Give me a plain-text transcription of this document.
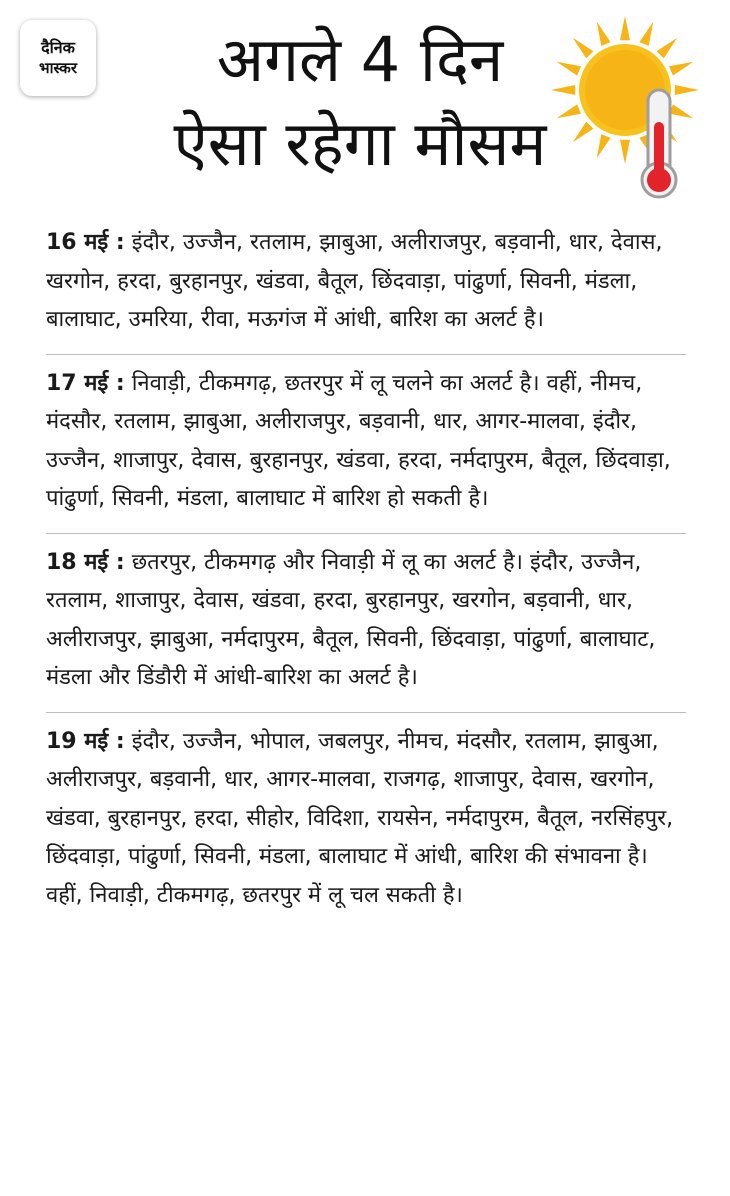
दैनिक
भास्कर	अगले 4 दिन
ऐसा रहेगा मौसम

16 मई : इंदौर, उज्जैन, रतलाम, झाबुआ, अलीराजपुर, बड़वानी, धार, देवास, खरगोन, हरदा, बुरहानपुर, खंडवा, बैतूल, छिंदवाड़ा, पांढुर्णा, सिवनी, मंडला, बालाघाट, उमरिया, रीवा, मऊगंज में आंधी, बारिश का अलर्ट है।

17 मई : निवाड़ी, टीकमगढ़, छतरपुर में लू चलने का अलर्ट है। वहीं, नीमच, मंदसौर, रतलाम, झाबुआ, अलीराजपुर, बड़वानी, धार, आगर-मालवा, इंदौर, उज्जैन, शाजापुर, देवास, बुरहानपुर, खंडवा, हरदा, नर्मदापुरम, बैतूल, छिंदवाड़ा, पांढुर्णा, सिवनी, मंडला, बालाघाट में बारिश हो सकती है।

18 मई : छतरपुर, टीकमगढ़ और निवाड़ी में लू का अलर्ट है। इंदौर, उज्जैन, रतलाम, शाजापुर, देवास, खंडवा, हरदा, बुरहानपुर, खरगोन, बड़वानी, धार, अलीराजपुर, झाबुआ, नर्मदापुरम, बैतूल, सिवनी, छिंदवाड़ा, पांढुर्णा, बालाघाट, मंडला और डिंडौरी में आंधी-बारिश का अलर्ट है।

19 मई : इंदौर, उज्जैन, भोपाल, जबलपुर, नीमच, मंदसौर, रतलाम, झाबुआ, अलीराजपुर, बड़वानी, धार, आगर-मालवा, राजगढ़, शाजापुर, देवास, खरगोन, खंडवा, बुरहानपुर, हरदा, सीहोर, विदिशा, रायसेन, नर्मदापुरम, बैतूल, नरसिंहपुर, छिंदवाड़ा, पांढुर्णा, सिवनी, मंडला, बालाघाट में आंधी, बारिश की संभावना है। वहीं, निवाड़ी, टीकमगढ़, छतरपुर में लू चल सकती है।
